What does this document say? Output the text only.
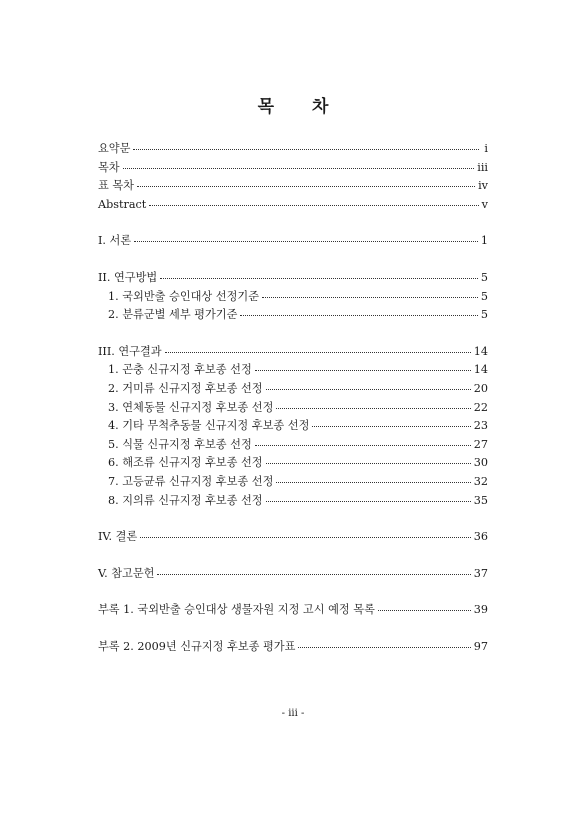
목 차
요약문	i
목차	iii
표 목차	iv
Abstract	v
I. 서론	1
II. 연구방법	5
1. 국외반출 승인대상 선정기준	5
2. 분류군별 세부 평가기준	5
III. 연구결과	14
1. 곤충 신규지정 후보종 선정	14
2. 거미류 신규지정 후보종 선정	20
3. 연체동물 신규지정 후보종 선정	22
4. 기타 무척추동물 신규지정 후보종 선정	23
5. 식물 신규지정 후보종 선정	27
6. 해조류 신규지정 후보종 선정	30
7. 고등균류 신규지정 후보종 선정	32
8. 지의류 신규지정 후보종 선정	35
IV. 결론	36
V. 참고문헌	37
부록 1. 국외반출 승인대상 생물자원 지정 고시 예정 목록	39
부록 2. 2009년 신규지정 후보종 평가표	97
- iii -
